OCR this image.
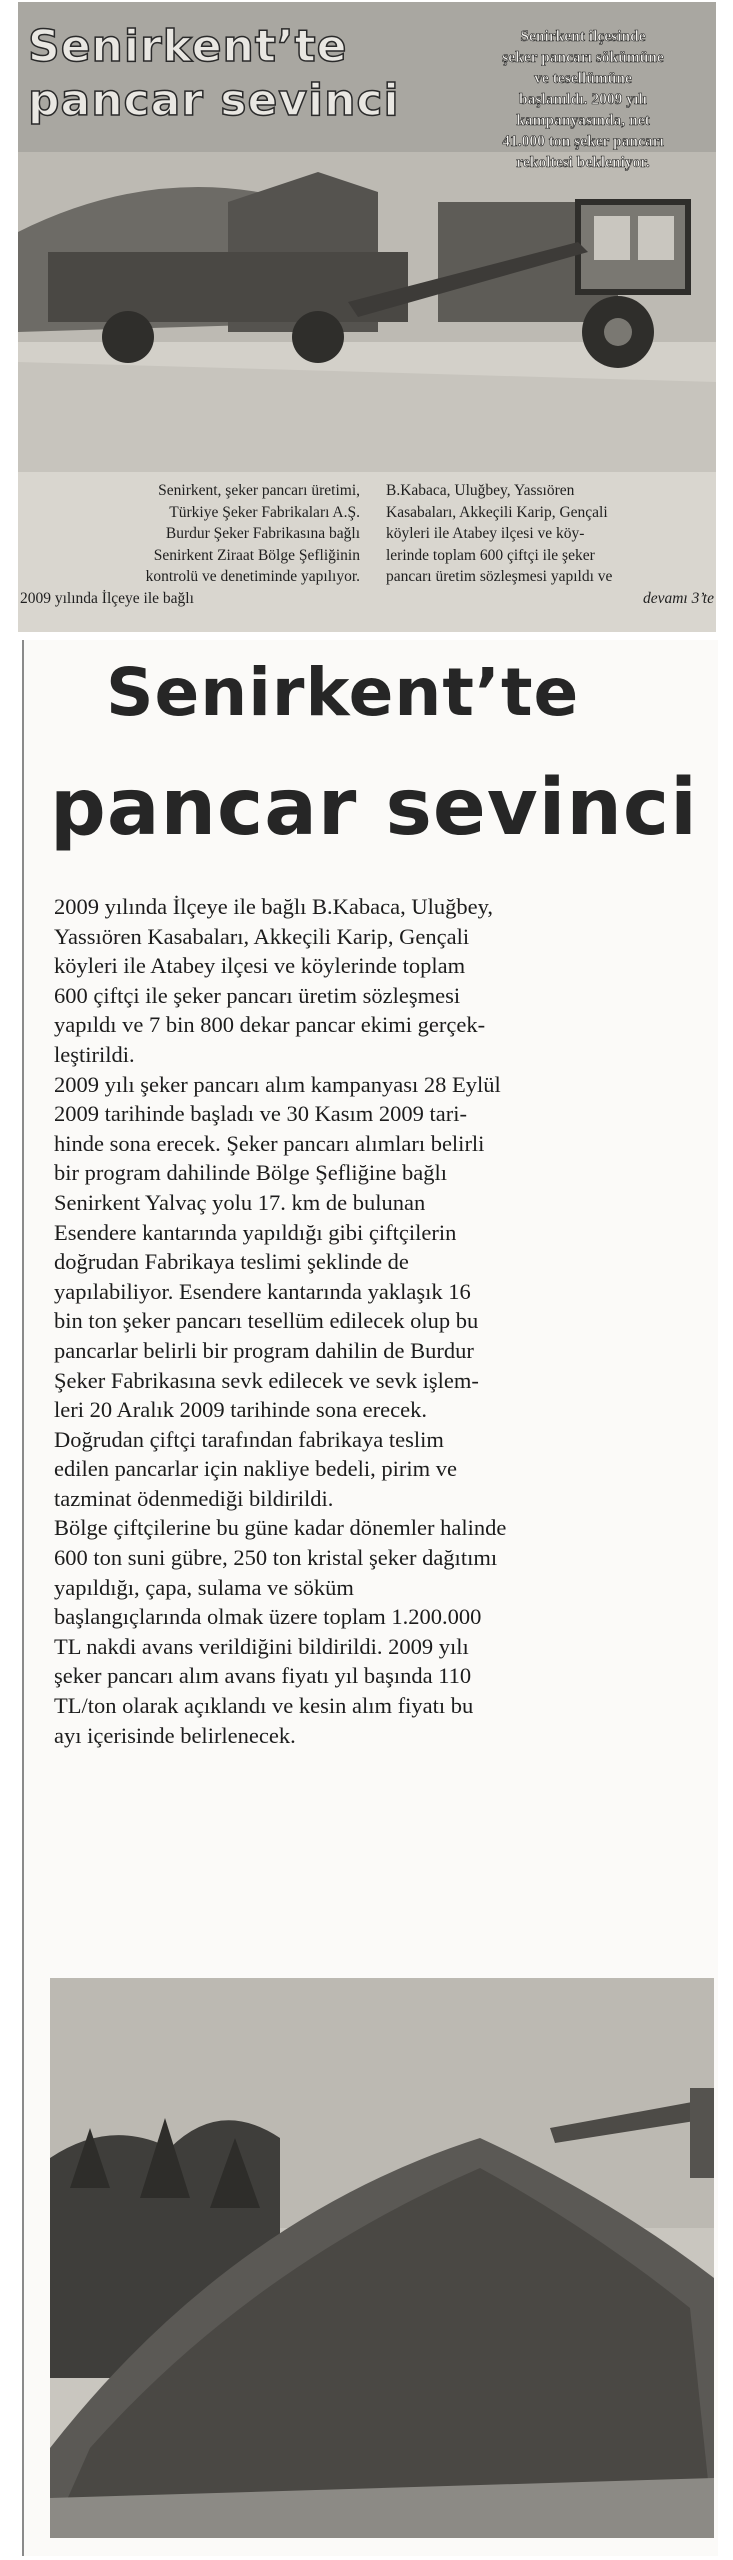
Senirkent’te
pancar sevinci
Senirkent ilçesinde
şeker pancarı sökümüne
ve tesellümüne
başlanıldı. 2009 yılı
kampanyasında, net
41.000 ton şeker pancarı
rekoltesi bekleniyor.
Senirkent, şeker pancarı üretimi,
Türkiye Şeker Fabrikaları A.Ş.
Burdur Şeker Fabrikasına bağlı
Senirkent Ziraat Bölge Şefliğinin
kontrolü ve denetiminde yapılıyor.
2009 yılında İlçeye ile bağlı
B.Kabaca, Uluğbey, Yassıören
Kasabaları, Akkeçili Karip, Gençali
köyleri ile Atabey ilçesi ve köy-
lerinde toplam 600 çiftçi ile şeker
pancarı üretim sözleşmesi yapıldı ve
devamı 3’te
Senirkent’te
pancar sevinci
2009 yılında İlçeye ile bağlı B.Kabaca, Uluğbey,
Yassıören Kasabaları, Akkeçili Karip, Gençali
köyleri ile Atabey ilçesi ve köylerinde toplam
600 çiftçi ile şeker pancarı üretim sözleşmesi
yapıldı ve 7 bin 800 dekar pancar ekimi gerçek-
leştirildi.
2009 yılı şeker pancarı alım kampanyası 28 Eylül
2009 tarihinde başladı ve 30 Kasım 2009 tari-
hinde sona erecek. Şeker pancarı alımları belirli
bir program dahilinde Bölge Şefliğine bağlı
Senirkent Yalvaç yolu 17. km de bulunan
Esendere kantarında yapıldığı gibi çiftçilerin
doğrudan Fabrikaya teslimi şeklinde de
yapılabiliyor. Esendere kantarında yaklaşık 16
bin ton şeker pancarı tesellüm edilecek olup bu
pancarlar belirli bir program dahilin de Burdur
Şeker Fabrikasına sevk edilecek ve sevk işlem-
leri 20 Aralık 2009 tarihinde sona erecek.
Doğrudan çiftçi tarafından fabrikaya teslim
edilen pancarlar için nakliye bedeli, pirim ve
tazminat ödenmediği bildirildi.
Bölge çiftçilerine bu güne kadar dönemler halinde
600 ton suni gübre, 250 ton kristal şeker dağıtımı
yapıldığı, çapa, sulama ve söküm
başlangıçlarında olmak üzere toplam 1.200.000
TL nakdi avans verildiğini bildirildi. 2009 yılı
şeker pancarı alım avans fiyatı yıl başında 110
TL/ton olarak açıklandı ve kesin alım fiyatı bu
ayı içerisinde belirlenecek.
